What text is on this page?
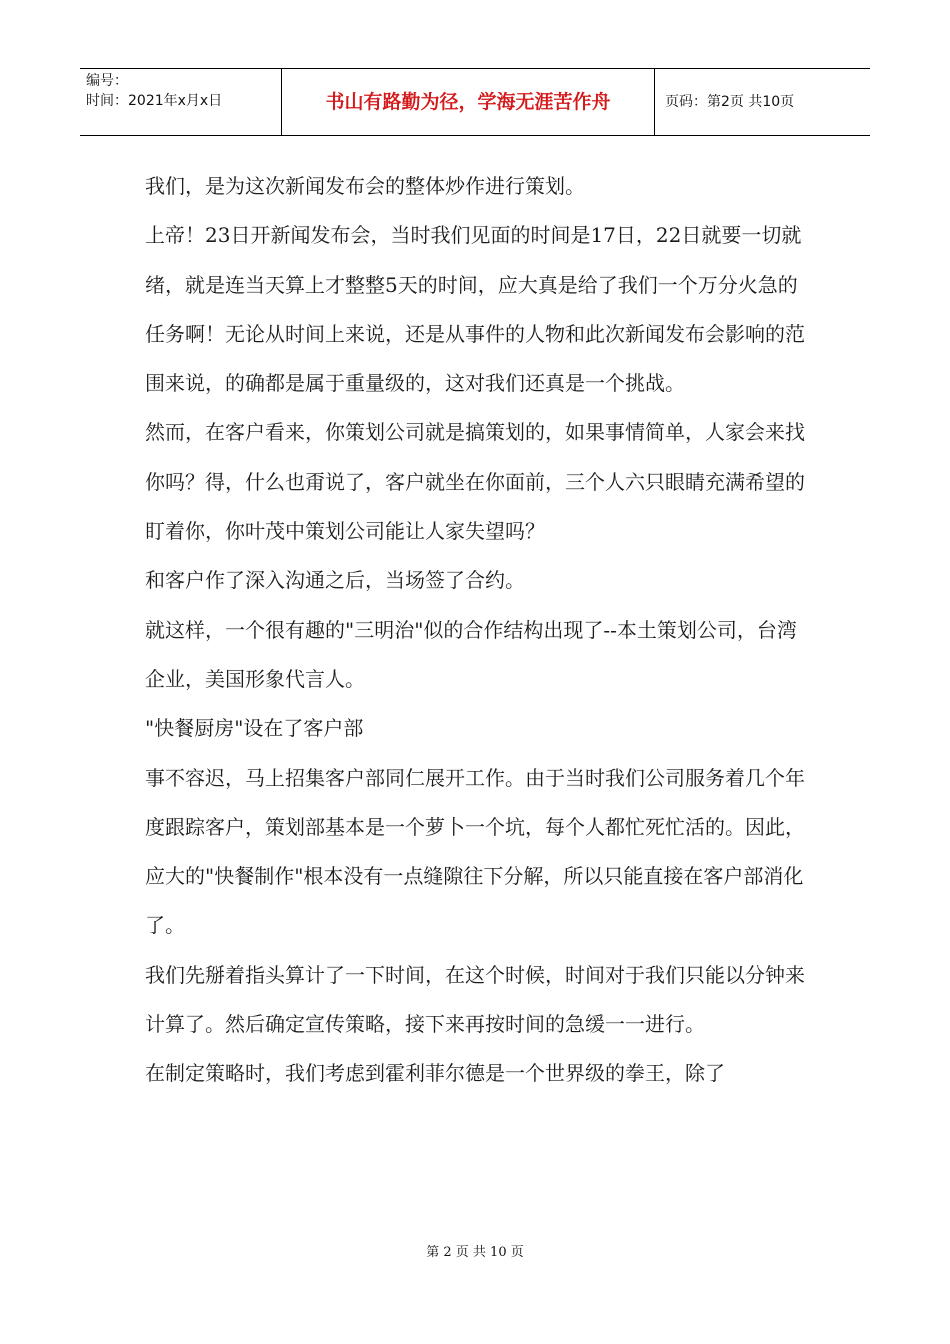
编号：
时间：2021年x月x日	书山有路勤为径，学海无涯苦作舟	页码：第2页 共10页

我们，是为这次新闻发布会的整体炒作进行策划。

上帝！23日开新闻发布会，当时我们见面的时间是17日，22日就要一切就绪，就是连当天算上才整整5天的时间，应大真是给了我们一个万分火急的任务啊！无论从时间上来说，还是从事件的人物和此次新闻发布会影响的范围来说，的确都是属于重量级的，这对我们还真是一个挑战。

然而，在客户看来，你策划公司就是搞策划的，如果事情简单，人家会来找你吗？得，什么也甭说了，客户就坐在你面前，三个人六只眼睛充满希望的盯着你，你叶茂中策划公司能让人家失望吗？

和客户作了深入沟通之后，当场签了合约。

就这样，一个很有趣的"三明治"似的合作结构出现了--本土策划公司，台湾企业，美国形象代言人。

"快餐厨房"设在了客户部

事不容迟，马上招集客户部同仁展开工作。由于当时我们公司服务着几个年度跟踪客户，策划部基本是一个萝卜一个坑，每个人都忙死忙活的。因此，应大的"快餐制作"根本没有一点缝隙往下分解，所以只能直接在客户部消化了。

我们先掰着指头算计了一下时间，在这个时候，时间对于我们只能以分钟来计算了。然后确定宣传策略，接下来再按时间的急缓一一进行。

在制定策略时，我们考虑到霍利菲尔德是一个世界级的拳王，除了

第 2 页 共 10 页
